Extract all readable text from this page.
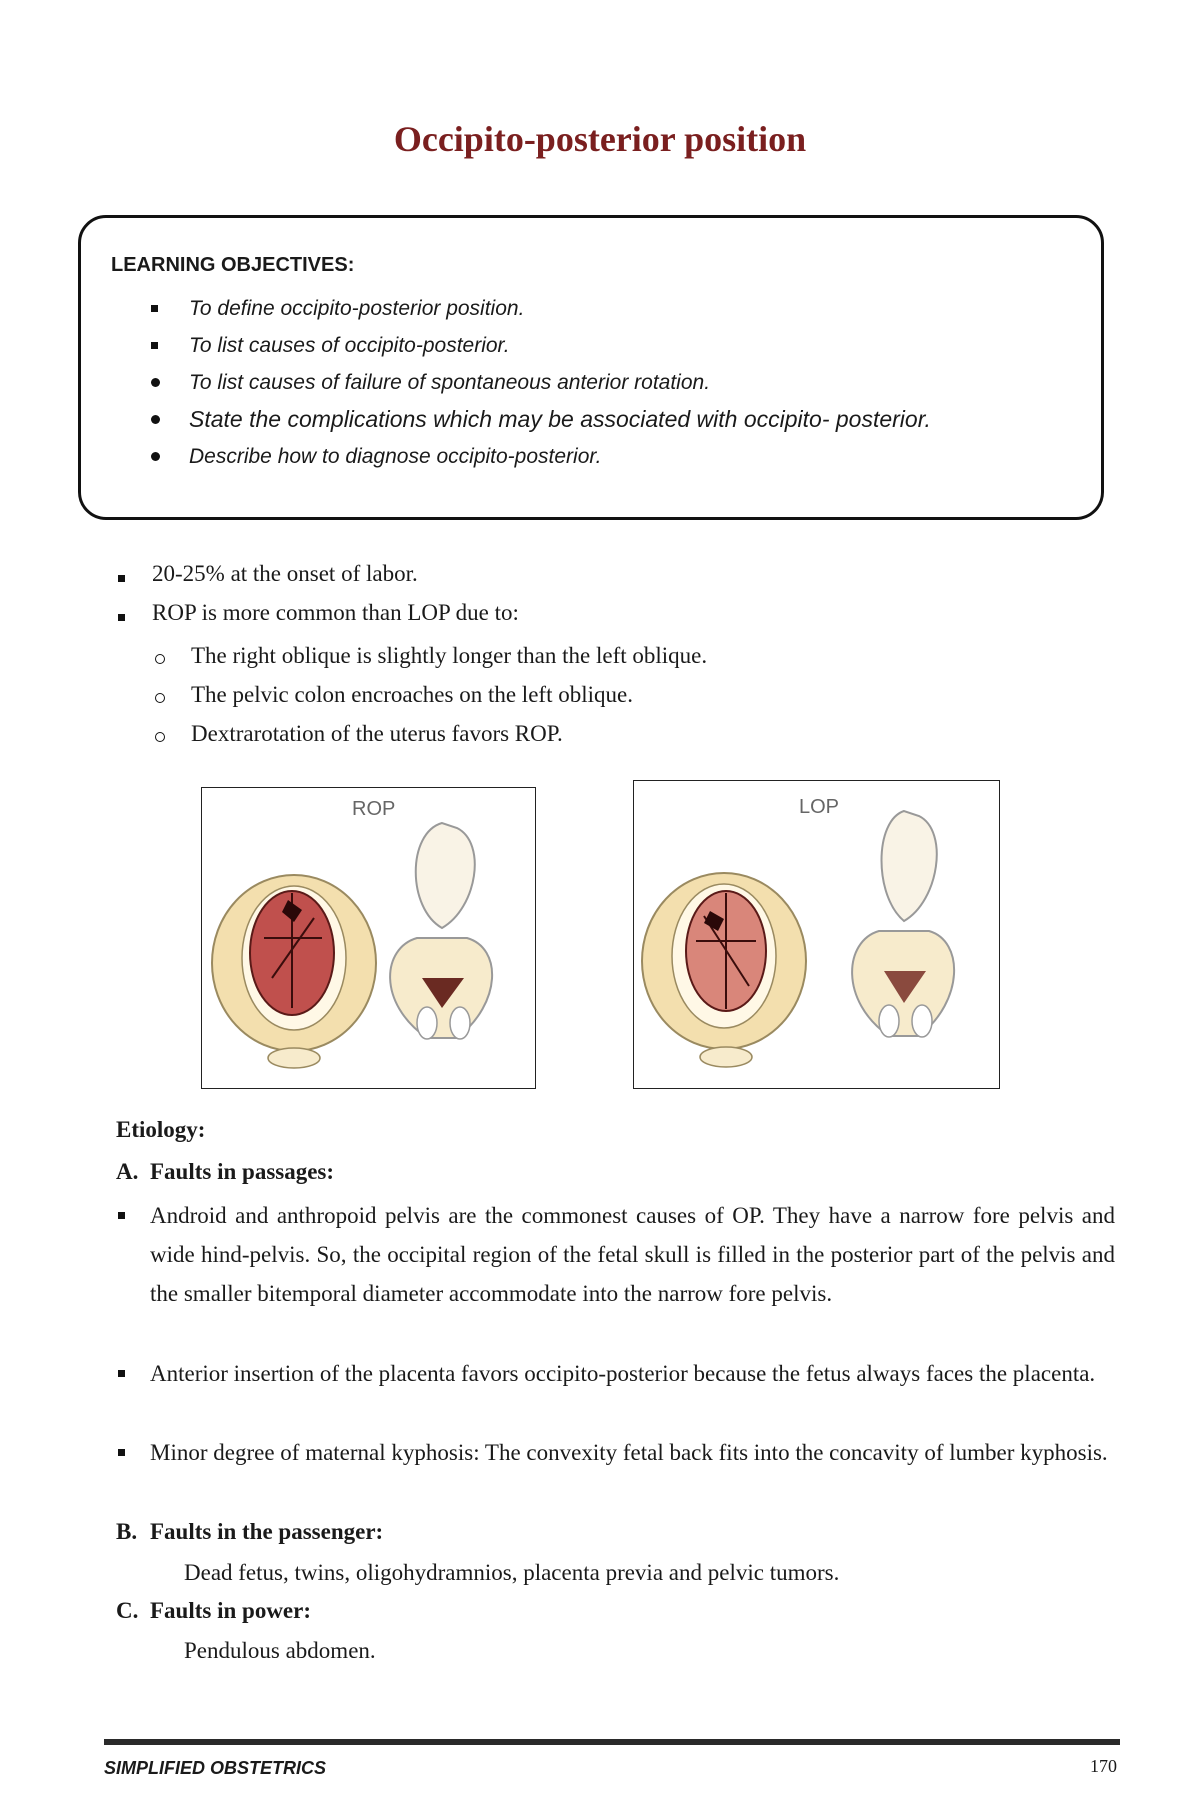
Occipito-posterior position
LEARNING OBJECTIVES:
To define occipito-posterior position.
To list causes of occipito-posterior.
To list causes of failure of spontaneous anterior rotation.
State the complications which may be associated with occipito- posterior.
Describe how to diagnose occipito-posterior.
20-25% at the onset of labor.
ROP is more common than LOP due to:
The right oblique is slightly longer than the left oblique.
The pelvic colon encroaches on the left oblique.
Dextrarotation of the uterus favors ROP.
ROP	LOP
Etiology:
A. Faults in passages:
Android and anthropoid pelvis are the commonest causes of OP. They have a narrow fore pelvis and wide hind-pelvis. So, the occipital region of the fetal skull is filled in the posterior part of the pelvis and the smaller bitemporal diameter accommodate into the narrow fore pelvis.
Anterior insertion of the placenta favors occipito-posterior because the fetus always faces the placenta.
Minor degree of maternal kyphosis: The convexity fetal back fits into the concavity of lumber kyphosis.
B. Faults in the passenger:
Dead fetus, twins, oligohydramnios, placenta previa and pelvic tumors.
C. Faults in power:
Pendulous abdomen.
SIMPLIFIED OBSTETRICS	170
